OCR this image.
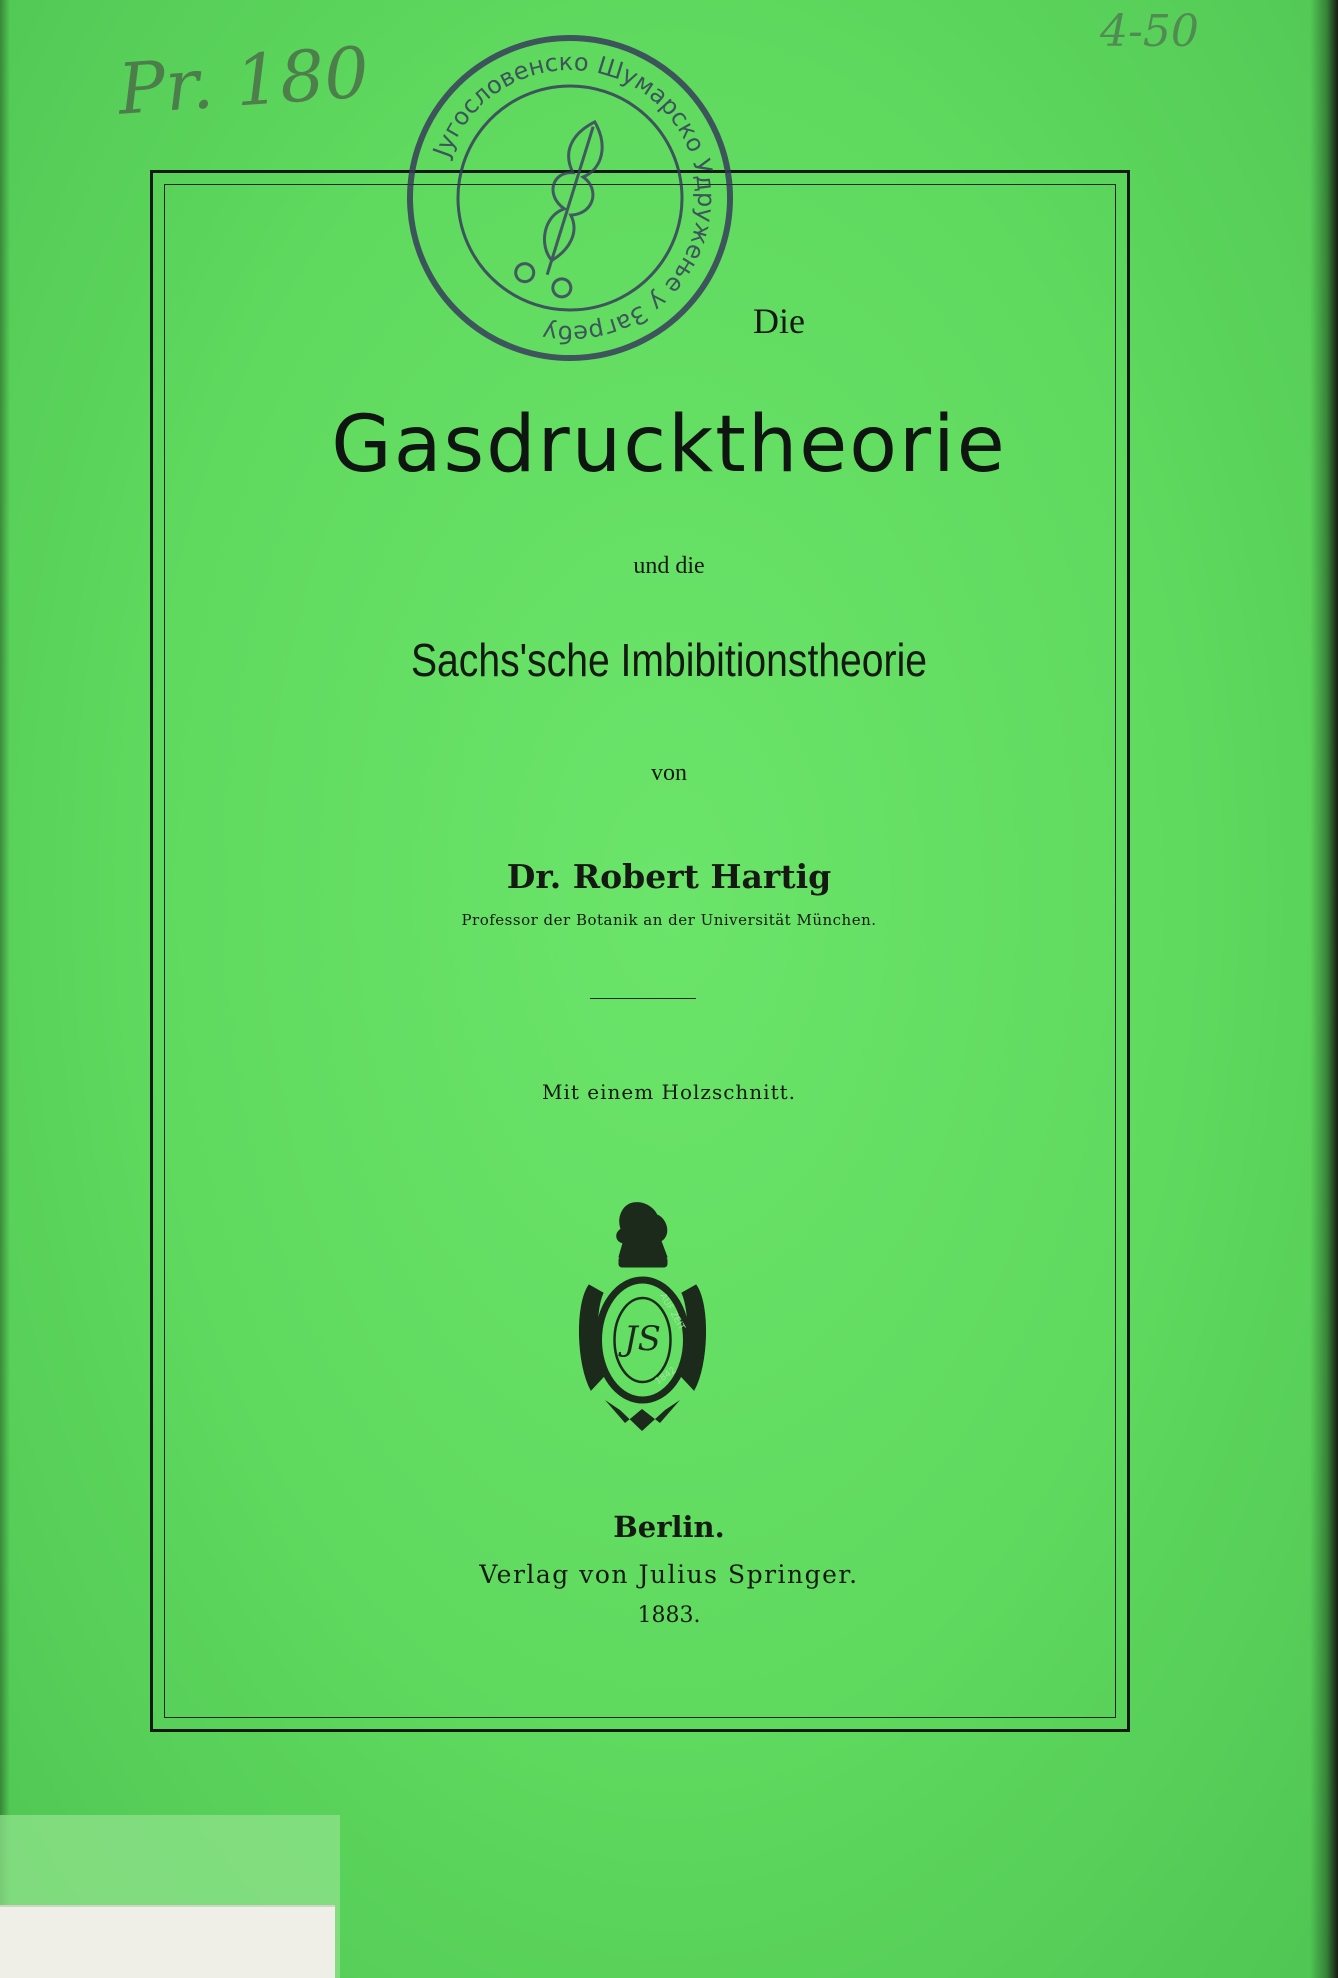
Pr. 180	4-50
Југословенско Шумарско Удружење у Загребу	Die
Gasdrucktheorie
und die
Sachs'sche Imbibitionstheorie
von
Dr. Robert Hartig
Professor der Botanik an der Universität München.
Mit einem Holzschnitt.
JS
AUF ZEIT
1842
Berlin.
Verlag von Julius Springer.
1883.
